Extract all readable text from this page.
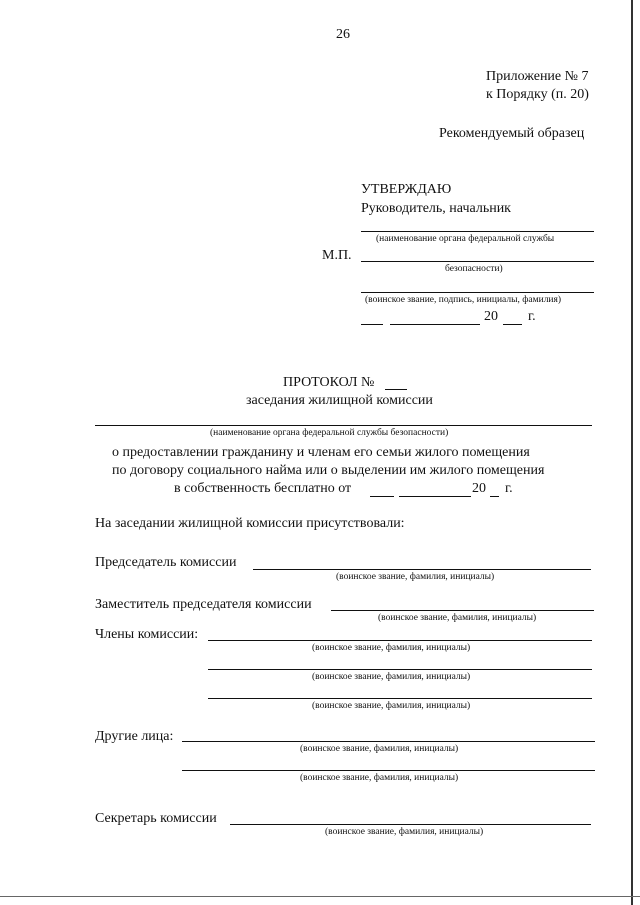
26
Приложение № 7
к Порядку (п. 20)
Рекомендуемый образец
УТВЕРЖДАЮ
Руководитель, начальник
(наименование органа федеральной службы
М.П.
безопасности)
(воинское звание, подпись, инициалы, фамилия)
20 г.
ПРОТОКОЛ №
заседания жилищной комиссии
(наименование органа федеральной службы безопасности)
о предоставлении гражданину и членам его семьи жилого помещения
по договору социального найма или о выделении им жилого помещения
в собственность бесплатно от	20 г.
На заседании жилищной комиссии присутствовали:
Председатель комиссии
(воинское звание, фамилия, инициалы)
Заместитель председателя комиссии
(воинское звание, фамилия, инициалы)
Члены комиссии:
(воинское звание, фамилия, инициалы)
(воинское звание, фамилия, инициалы)
(воинское звание, фамилия, инициалы)
Другие лица:
(воинское звание, фамилия, инициалы)
(воинское звание, фамилия, инициалы)
Секретарь комиссии
(воинское звание, фамилия, инициалы)
